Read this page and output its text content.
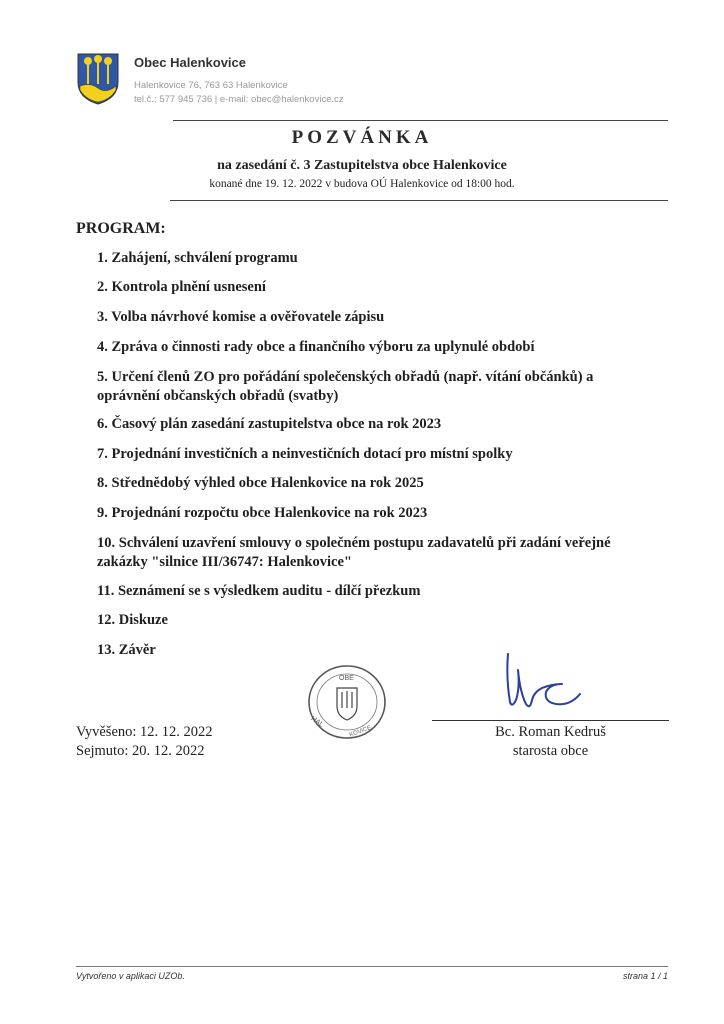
Obec Halenkovice
Halenkovice 76, 763 63 Halenkovice
tel.č.: 577 945 736 | e-mail: obec@halenkovice.cz
POZVÁNKA
na zasedání č. 3 Zastupitelstva obce Halenkovice
konané dne 19. 12. 2022 v budova OÚ Halenkovice od 18:00 hod.
PROGRAM:
1. Zahájení, schválení programu
2. Kontrola plnění usnesení
3. Volba návrhové komise a ověřovatele zápisu
4. Zpráva o činnosti rady obce a finančního výboru za uplynulé období
5. Určení členů ZO pro pořádání společenských obřadů (např. vítání občánků) a oprávnění občanských obřadů (svatby)
6. Časový plán zasedání zastupitelstva obce na rok 2023
7. Projednání investičních a neinvestičních dotací pro místní spolky
8. Střednědobý výhled obce Halenkovice na rok 2025
9. Projednání rozpočtu obce Halenkovice na rok 2023
10. Schválení uzavření smlouvy o společném postupu zadavatelů při zadání veřejné zakázky "silnice III/36747: Halenkovice"
11. Seznámení se s výsledkem auditu - dílčí přezkum
12. Diskuze
13. Závěr
OBE
HAL
KOVICE	Bc. Roman Kedruš
starosta obce
Vyvěšeno: 12. 12. 2022
Sejmuto: 20. 12. 2022
Vytvořeno v aplikaci UZOb.	strana 1 / 1
